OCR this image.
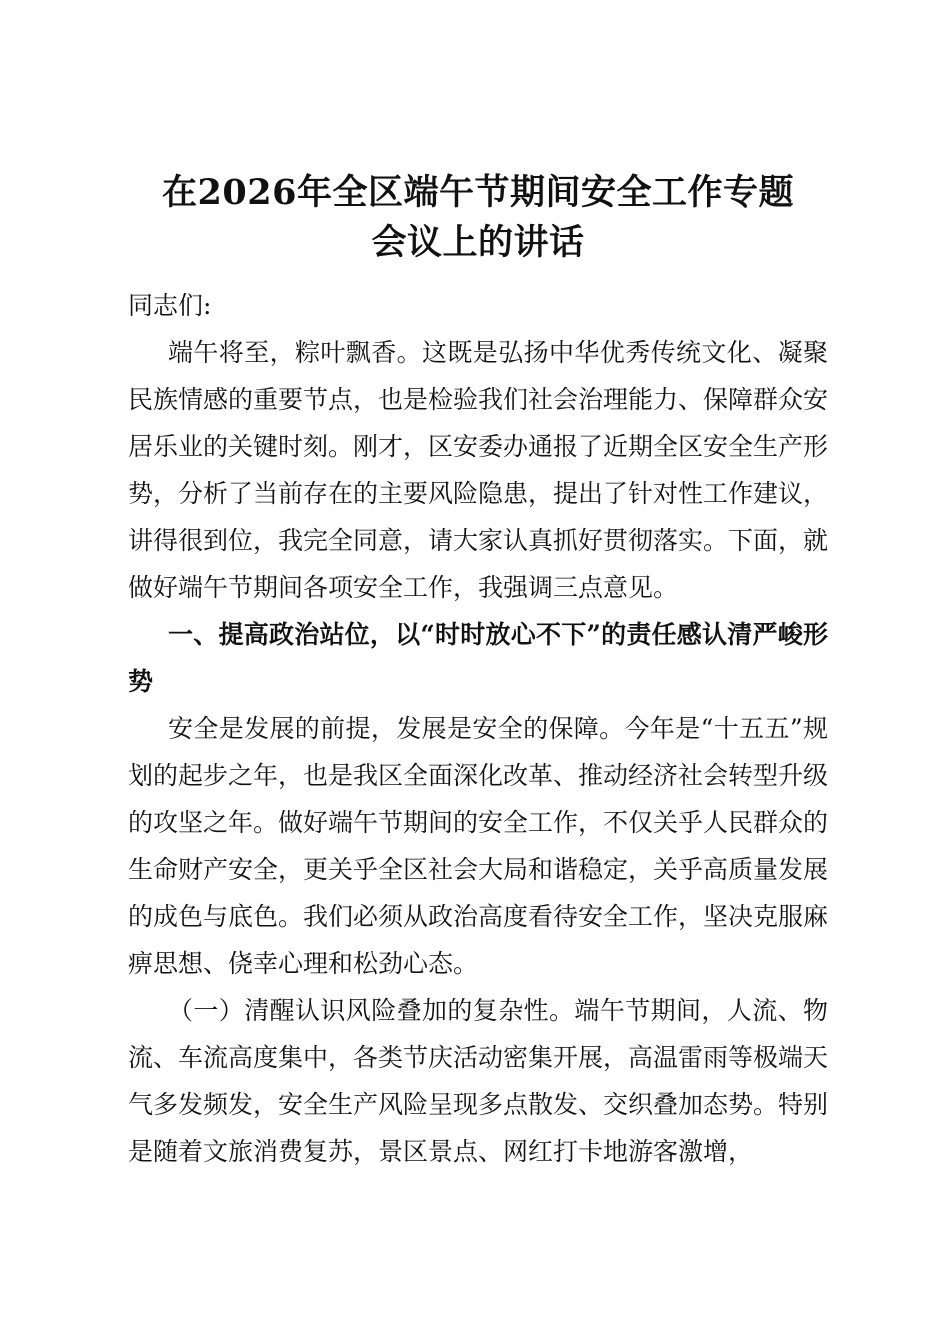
在2026年全区端午节期间安全工作专题
会议上的讲话

同志们:

端午将至，粽叶飘香。这既是弘扬中华优秀传统文化、凝聚民族情感的重要节点，也是检验我们社会治理能力、保障群众安居乐业的关键时刻。刚才，区安委办通报了近期全区安全生产形势，分析了当前存在的主要风险隐患，提出了针对性工作建议，讲得很到位，我完全同意，请大家认真抓好贯彻落实。下面，就做好端午节期间各项安全工作，我强调三点意见。

一、提高政治站位，以“时时放心不下”的责任感认清严峻形势

安全是发展的前提，发展是安全的保障。今年是“十五五”规划的起步之年，也是我区全面深化改革、推动经济社会转型升级的攻坚之年。做好端午节期间的安全工作，不仅关乎人民群众的生命财产安全，更关乎全区社会大局和谐稳定，关乎高质量发展的成色与底色。我们必须从政治高度看待安全工作，坚决克服麻痹思想、侥幸心理和松劲心态。

（一）清醒认识风险叠加的复杂性。端午节期间，人流、物流、车流高度集中，各类节庆活动密集开展，高温雷雨等极端天气多发频发，安全生产风险呈现多点散发、交织叠加态势。特别是随着文旅消费复苏，景区景点、网红打卡地游客激增，
